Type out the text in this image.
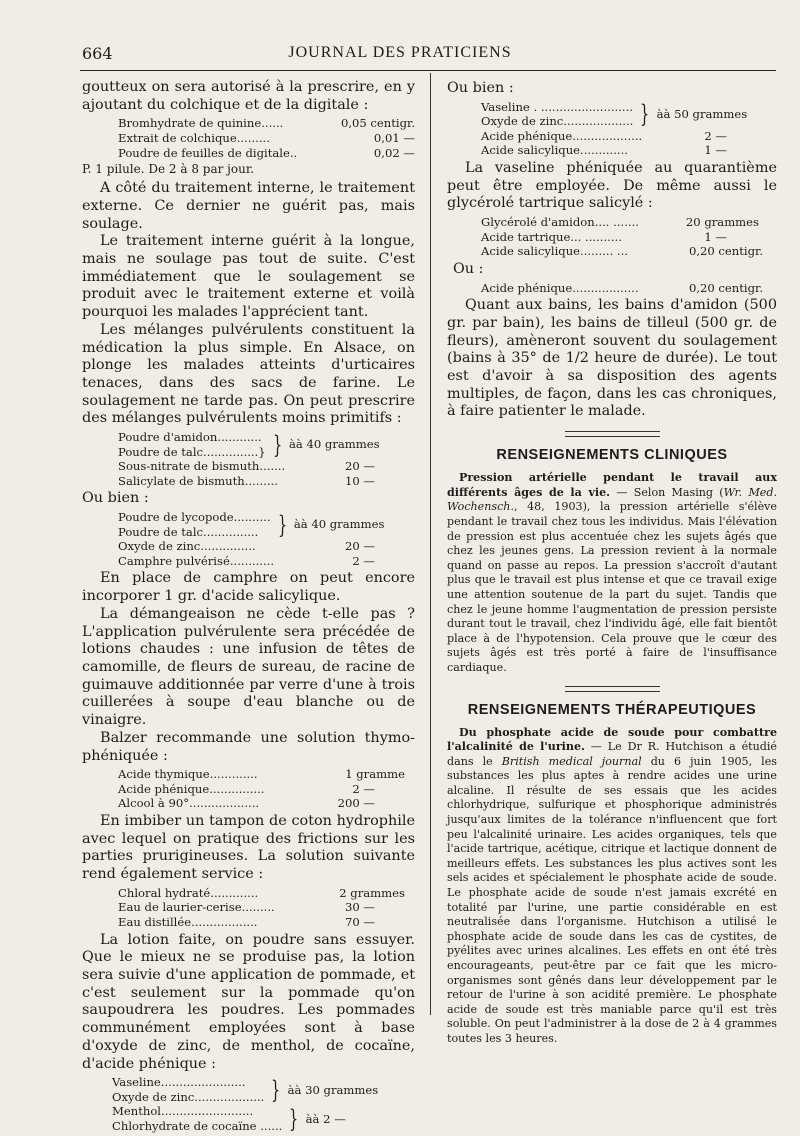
664	JOURNAL DES PRATICIENS

goutteux on sera autorisé à la prescrire, en y ajoutant du colchique et de la digitale :

Bromhydrate de quinine......	0,05 centigr.
Extrait de colchique.........	0,01 —
Poudre de feuilles de digitale..	0,02 —
P. 1 pilule. De 2 à 8 par jour.

A côté du traitement interne, le traitement externe. Ce dernier ne guérit pas, mais soulage.

Le traitement interne guérit à la longue, mais ne soulage pas tout de suite. C'est immédiatement que le soulagement se produit avec le traitement externe et voilà pourquoi les malades l'apprécient tant.

Les mélanges pulvérulents constituent la médication la plus simple. En Alsace, on plonge les malades atteints d'urticaires tenaces, dans des sacs de farine. Le soulagement ne tarde pas. On peut prescrire des mélanges pulvérulents moins primitifs :

Poudre d'amidon............
Poudre de talc...............} } àà 40 grammes
Sous-nitrate de bismuth.......	20 —
Salicylate de bismuth.........	10 —
Ou bien :
Poudre de lycopode..........
Poudre de talc............... } àà 40 grammes
Oxyde de zinc...............	20 —
Camphre pulvérisé............	2 —

En place de camphre on peut encore incorporer 1 gr. d'acide salicylique.

La démangeaison ne cède t-elle pas ? L'application pulvérulente sera précédée de lotions chaudes : une infusion de têtes de camomille, de fleurs de sureau, de racine de guimauve additionnée par verre d'une à trois cuillerées à soupe d'eau blanche ou de vinaigre.

Balzer recommande une solution thymo-phéniquée :

Acide thymique.............	1 gramme
Acide phénique...............	2 —
Alcool à 90°...................	200 —

En imbiber un tampon de coton hydrophile avec lequel on pratique des frictions sur les parties prurigineuses. La solution suivante rend également service :

Chloral hydraté.............	2 grammes
Eau de laurier-cerise.........	30 —
Eau distillée..................	70 —

La lotion faite, on poudre sans essuyer. Que le mieux ne se produise pas, la lotion sera suivie d'une application de pommade, et c'est seulement sur la pommade qu'on saupoudrera les poudres. Les pommades communément employées sont à base d'oxyde de zinc, de menthol, de cocaïne, d'acide phénique :

Vaseline.......................
Oxyde de zinc................... } àà 30 grammes
Menthol.........................
Chlorhydrate de cocaïne ...... } àà 2 —
Ou bien :
Vaseline . .........................
Oxyde de zinc................... } àà 50 grammes
Acide phénique...................	2 —
Acide salicylique.............	1 —

La vaseline phéniquée au quarantième peut être employée. De même aussi le glycérolé tartrique salicylé :

Glycérolé d'amidon.... .......	20 grammes
Acide tartrique... ..........	1 —
Acide salicylique......... ...	0,20 centigr.
Ou :
Acide phénique..................	0,20 centigr.

Quant aux bains, les bains d'amidon (500 gr. par bain), les bains de tilleul (500 gr. de fleurs), amèneront souvent du soulagement (bains à 35° de 1/2 heure de durée). Le tout est d'avoir à sa disposition des agents multiples, de façon, dans les cas chroniques, à faire patienter le malade.

RENSEIGNEMENTS CLINIQUES

Pression artérielle pendant le travail aux différents âges de la vie. — Selon Masing (Wr. Med. Wochensch., 48, 1903), la pression artérielle s'élève pendant le travail chez tous les individus. Mais l'élévation de pression est plus accentuée chez les sujets âgés que chez les jeunes gens. La pression revient à la normale quand on passe au repos. La pression s'accroît d'autant plus que le travail est plus intense et que ce travail exige une attention soutenue de la part du sujet. Tandis que chez le jeune homme l'augmentation de pression persiste durant tout le travail, chez l'individu âgé, elle fait bientôt place à de l'hypotension. Cela prouve que le cœur des sujets âgés est très porté à faire de l'insuffisance cardiaque.

RENSEIGNEMENTS THÉRAPEUTIQUES

Du phosphate acide de soude pour combattre l'alcalinité de l'urine. — Le Dr R. Hutchison a étudié dans le British medical journal du 6 juin 1905, les substances les plus aptes à rendre acides une urine alcaline. Il résulte de ses essais que les acides chlorhydrique, sulfurique et phosphorique administrés jusqu'aux limites de la tolérance n'influencent que fort peu l'alcalinité urinaire. Les acides organiques, tels que l'acide tartrique, acétique, citrique et lactique donnent de meilleurs effets. Les substances les plus actives sont les sels acides et spécialement le phosphate acide de soude. Le phosphate acide de soude n'est jamais excrété en totalité par l'urine, une partie considérable en est neutralisée dans l'organisme. Hutchison a utilisé le phosphate acide de soude dans les cas de cystites, de pyélites avec urines alcalines. Les effets en ont été très encourageants, peut-être par ce fait que les micro-organismes sont gênés dans leur développement par le retour de l'urine à son acidité première. Le phosphate acide de soude est très maniable parce qu'il est très soluble. On peut l'administrer à la dose de 2 à 4 grammes toutes les 3 heures.
